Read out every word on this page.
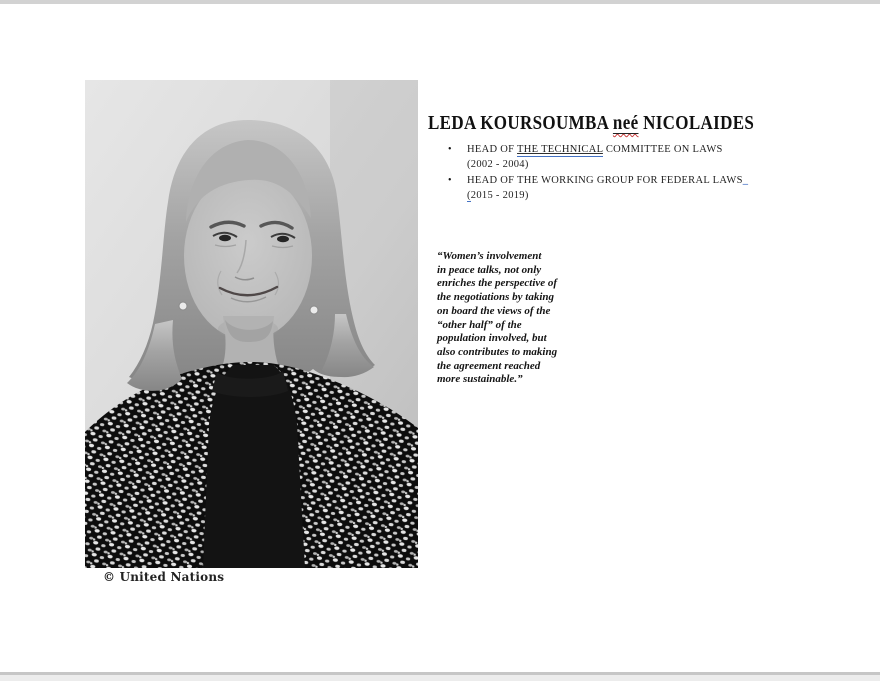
© United Nations
LEDA KOURSOUMBA neé NICOLAIDES
•	HEAD OF THE TECHNICAL COMMITTEE ON LAWS
(2002 - 2004)
•	HEAD OF THE WORKING GROUP FOR FEDERAL LAWS_
(2015 - 2019)
“Women’s involvement
in peace talks, not only
enriches the perspective of
the negotiations by taking
on board the views of the
“other half” of the
population involved, but
also contributes to making
the agreement reached
more sustainable.”
